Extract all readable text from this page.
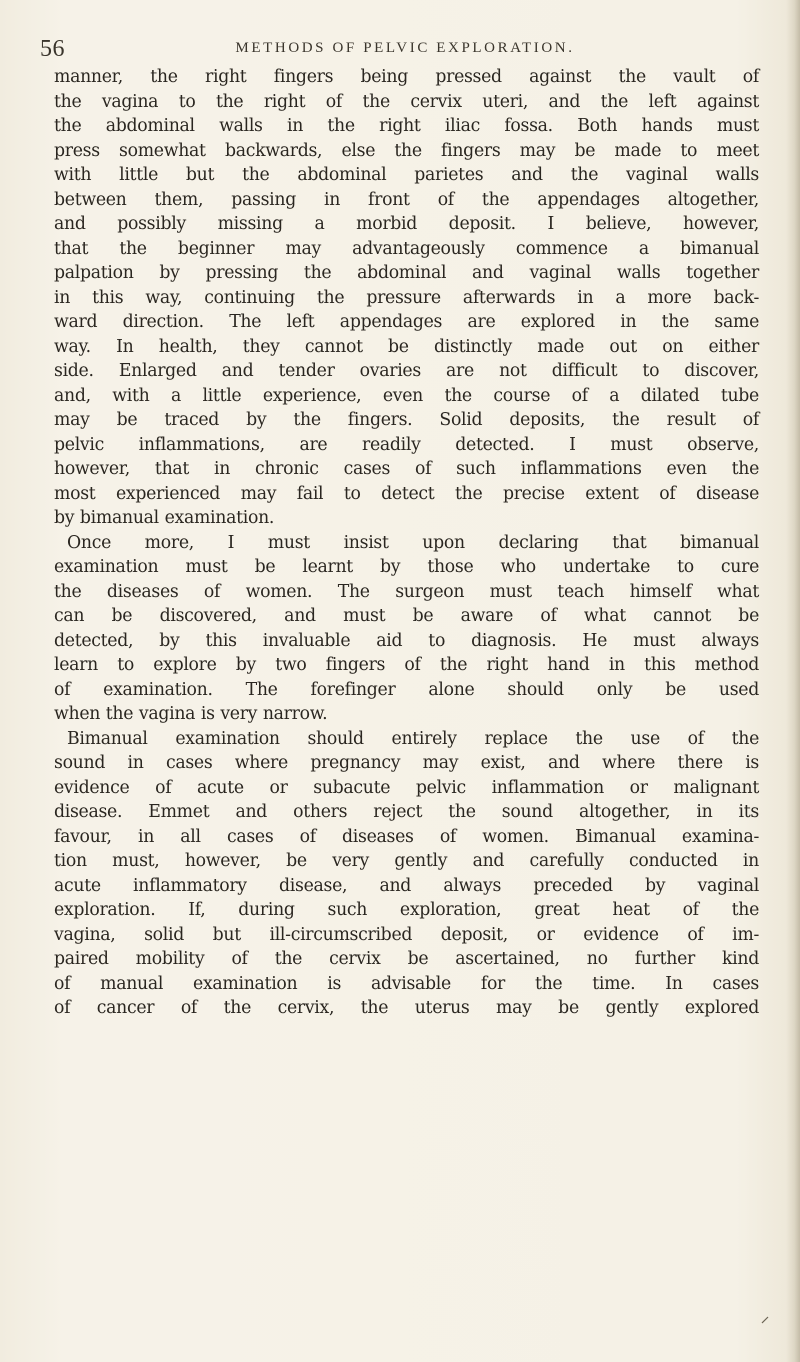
56	METHODS OF PELVIC EXPLORATION.
manner, the right fingers being pressed against the vault of
the vagina to the right of the cervix uteri, and the left against
the abdominal walls in the right iliac fossa. Both hands must
press somewhat backwards, else the fingers may be made to meet
with little but the abdominal parietes and the vaginal walls
between them, passing in front of the appendages altogether,
and possibly missing a morbid deposit. I believe, however,
that the beginner may advantageously commence a bimanual
palpation by pressing the abdominal and vaginal walls together
in this way, continuing the pressure afterwards in a more back-
ward direction. The left appendages are explored in the same
way. In health, they cannot be distinctly made out on either
side. Enlarged and tender ovaries are not difficult to discover,
and, with a little experience, even the course of a dilated tube
may be traced by the fingers. Solid deposits, the result of
pelvic inflammations, are readily detected. I must observe,
however, that in chronic cases of such inflammations even the
most experienced may fail to detect the precise extent of disease
by bimanual examination.
Once more, I must insist upon declaring that bimanual
examination must be learnt by those who undertake to cure
the diseases of women. The surgeon must teach himself what
can be discovered, and must be aware of what cannot be
detected, by this invaluable aid to diagnosis. He must always
learn to explore by two fingers of the right hand in this method
of examination. The forefinger alone should only be used
when the vagina is very narrow.
Bimanual examination should entirely replace the use of the
sound in cases where pregnancy may exist, and where there is
evidence of acute or subacute pelvic inflammation or malignant
disease. Emmet and others reject the sound altogether, in its
favour, in all cases of diseases of women. Bimanual examina-
tion must, however, be very gently and carefully conducted in
acute inflammatory disease, and always preceded by vaginal
exploration. If, during such exploration, great heat of the
vagina, solid but ill-circumscribed deposit, or evidence of im-
paired mobility of the cervix be ascertained, no further kind
of manual examination is advisable for the time. In cases
of cancer of the cervix, the uterus may be gently explored
